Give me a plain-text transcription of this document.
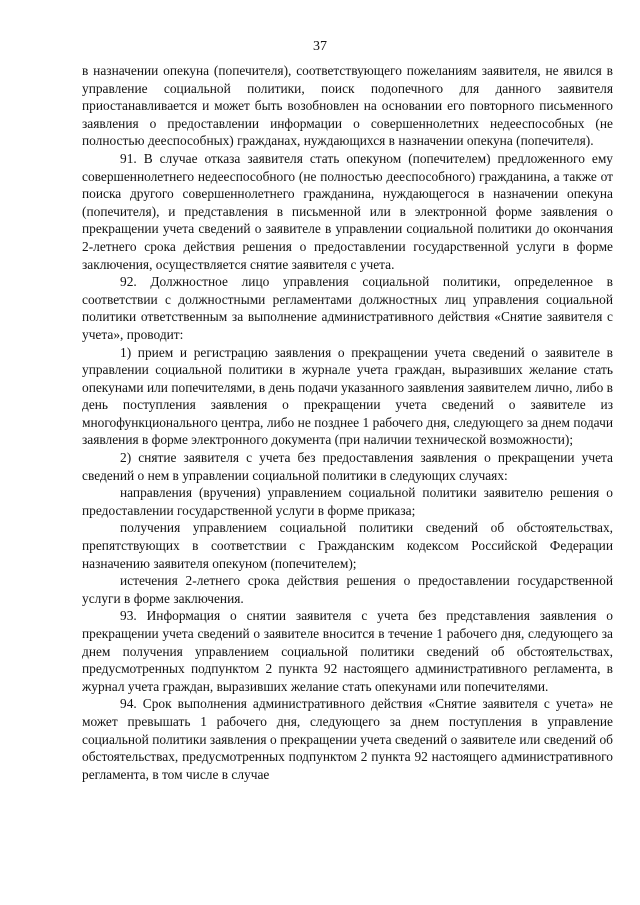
37

в назначении опекуна (попечителя), соответствующего пожеланиям заявителя, не явился в управление социальной политики, поиск подопечного для данного заявителя приостанавливается и может быть возобновлен на основании его повторного письменного заявления о предоставлении информации о совершеннолетних недееспособных (не полностью дееспособных) гражданах, нуждающихся в назначении опекуна (попечителя).

91. В случае отказа заявителя стать опекуном (попечителем) предложенного ему совершеннолетнего недееспособного (не полностью дееспособного) гражданина, а также от поиска другого совершеннолетнего гражданина, нуждающегося в назначении опекуна (попечителя), и представления в письменной или в электронной форме заявления о прекращении учета сведений о заявителе в управлении социальной политики до окончания 2-летнего срока действия решения о предоставлении государственной услуги в форме заключения, осуществляется снятие заявителя с учета.

92. Должностное лицо управления социальной политики, определенное в соответствии с должностными регламентами должностных лиц управления социальной политики ответственным за выполнение административного действия «Снятие заявителя с учета», проводит:

1) прием и регистрацию заявления о прекращении учета сведений о заявителе в управлении социальной политики в журнале учета граждан, выразивших желание стать опекунами или попечителями, в день подачи указанного заявления заявителем лично, либо в день поступления заявления о прекращении учета сведений о заявителе из многофункционального центра, либо не позднее 1 рабочего дня, следующего за днем подачи заявления в форме электронного документа (при наличии технической возможности);

2) снятие заявителя с учета без предоставления заявления о прекращении учета сведений о нем в управлении социальной политики в следующих случаях:

направления (вручения) управлением социальной политики заявителю решения о предоставлении государственной услуги в форме приказа;

получения управлением социальной политики сведений об обстоятельствах, препятствующих в соответствии с Гражданским кодексом Российской Федерации назначению заявителя опекуном (попечителем);

истечения 2-летнего срока действия решения о предоставлении государственной услуги в форме заключения.

93. Информация о снятии заявителя с учета без представления заявления о прекращении учета сведений о заявителе вносится в течение 1 рабочего дня, следующего за днем получения управлением социальной политики сведений об обстоятельствах, предусмотренных подпунктом 2 пункта 92 настоящего административного регламента, в журнал учета граждан, выразивших желание стать опекунами или попечителями.

94. Срок выполнения административного действия «Снятие заявителя с учета» не может превышать 1 рабочего дня, следующего за днем поступления в управление социальной политики заявления о прекращении учета сведений о заявителе или сведений об обстоятельствах, предусмотренных подпунктом 2 пункта 92 настоящего административного регламента, в том числе в случае
